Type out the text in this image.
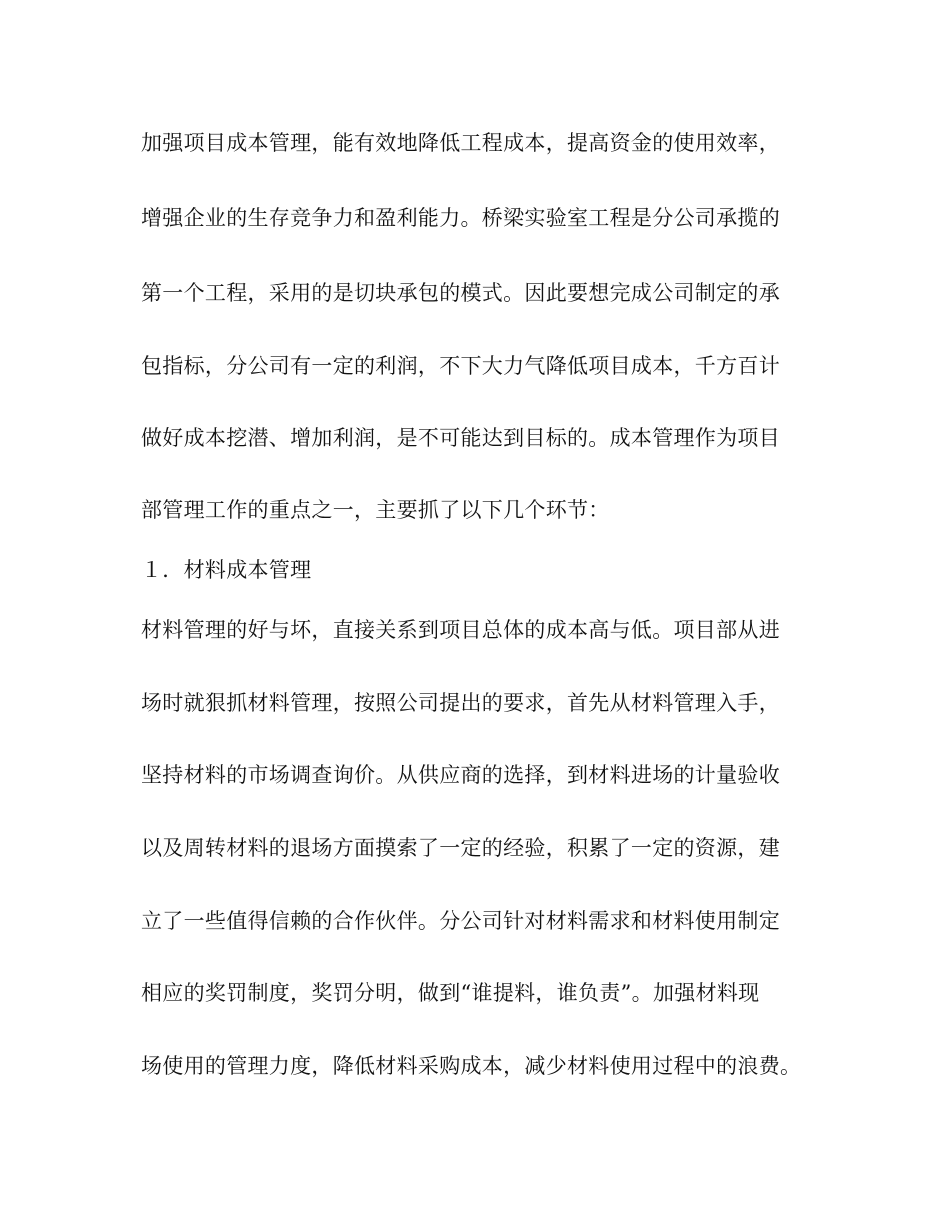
加强项目成本管理，能有效地降低工程成本，提高资金的使用效率，
增强企业的生存竞争力和盈利能力。桥梁实验室工程是分公司承揽的
第一个工程，采用的是切块承包的模式。因此要想完成公司制定的承
包指标，分公司有一定的利润，不下大力气降低项目成本，千方百计
做好成本挖潜、增加利润，是不可能达到目标的。成本管理作为项目
部管理工作的重点之一，主要抓了以下几个环节：
１．材料成本管理
材料管理的好与坏，直接关系到项目总体的成本高与低。项目部从进
场时就狠抓材料管理，按照公司提出的要求，首先从材料管理入手，
坚持材料的市场调查询价。从供应商的选择，到材料进场的计量验收
以及周转材料的退场方面摸索了一定的经验，积累了一定的资源，建
立了一些值得信赖的合作伙伴。分公司针对材料需求和材料使用制定
相应的奖罚制度，奖罚分明，做到“谁提料，谁负责”。加强材料现
场使用的管理力度，降低材料采购成本，减少材料使用过程中的浪费。
